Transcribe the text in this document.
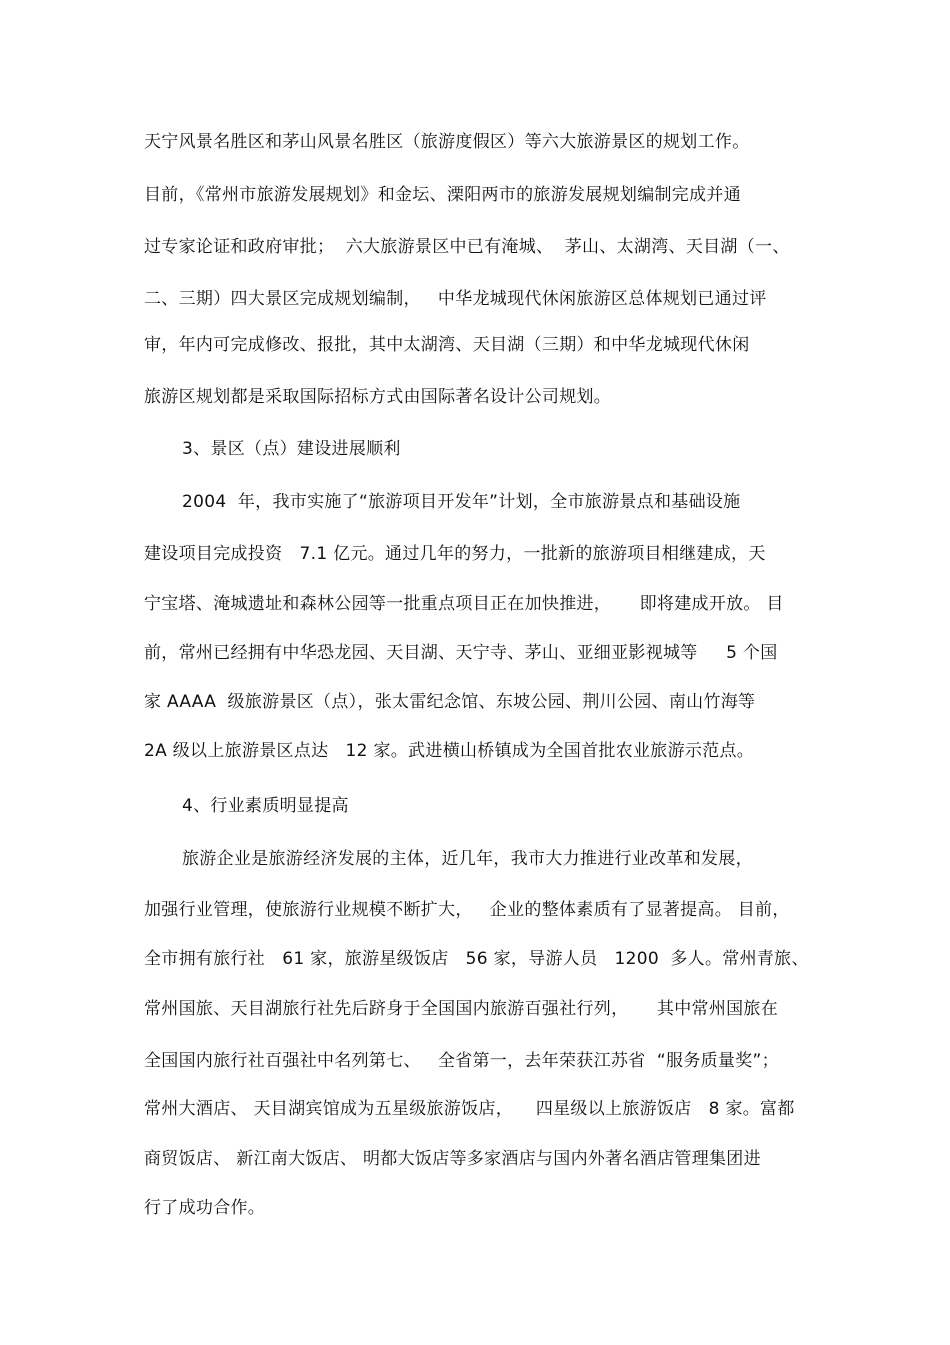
天宁风景名胜区和茅山风景名胜区（旅游度假区）等六大旅游景区的规划工作。
目前，《常州市旅游发展规划》和金坛、溧阳两市的旅游发展规划编制完成并通
过专家论证和政府审批；  六大旅游景区中已有淹城、  茅山、太湖湾、天目湖（一、
二、三期）四大景区完成规划编制，   中华龙城现代休闲旅游区总体规划已通过评
审，年内可完成修改、报批，其中太湖湾、天目湖（三期）和中华龙城现代休闲
旅游区规划都是采取国际招标方式由国际著名设计公司规划。
3、景区（点）建设进展顺利
2004  年，我市实施了“旅游项目开发年”计划，全市旅游景点和基础设施
建设项目完成投资   7.1 亿元。通过几年的努力，一批新的旅游项目相继建成，天
宁宝塔、淹城遗址和森林公园等一批重点项目正在加快推进，     即将建成开放。 目
前，常州已经拥有中华恐龙园、天目湖、天宁寺、茅山、亚细亚影视城等     5 个国
家 AAAA  级旅游景区（点），张太雷纪念馆、东坡公园、荆川公园、南山竹海等
2A 级以上旅游景区点达   12 家。武进横山桥镇成为全国首批农业旅游示范点。
4、行业素质明显提高
旅游企业是旅游经济发展的主体，近几年，我市大力推进行业改革和发展，
加强行业管理，使旅游行业规模不断扩大，   企业的整体素质有了显著提高。 目前，
全市拥有旅行社   61 家，旅游星级饭店   56 家，导游人员   1200  多人。常州青旅、
常州国旅、天目湖旅行社先后跻身于全国国内旅游百强社行列，     其中常州国旅在
全国国内旅行社百强社中名列第七、   全省第一，去年荣获江苏省  “服务质量奖”；
常州大酒店、 天目湖宾馆成为五星级旅游饭店，    四星级以上旅游饭店   8 家。富都
商贸饭店、 新江南大饭店、 明都大饭店等多家酒店与国内外著名酒店管理集团进
行了成功合作。
